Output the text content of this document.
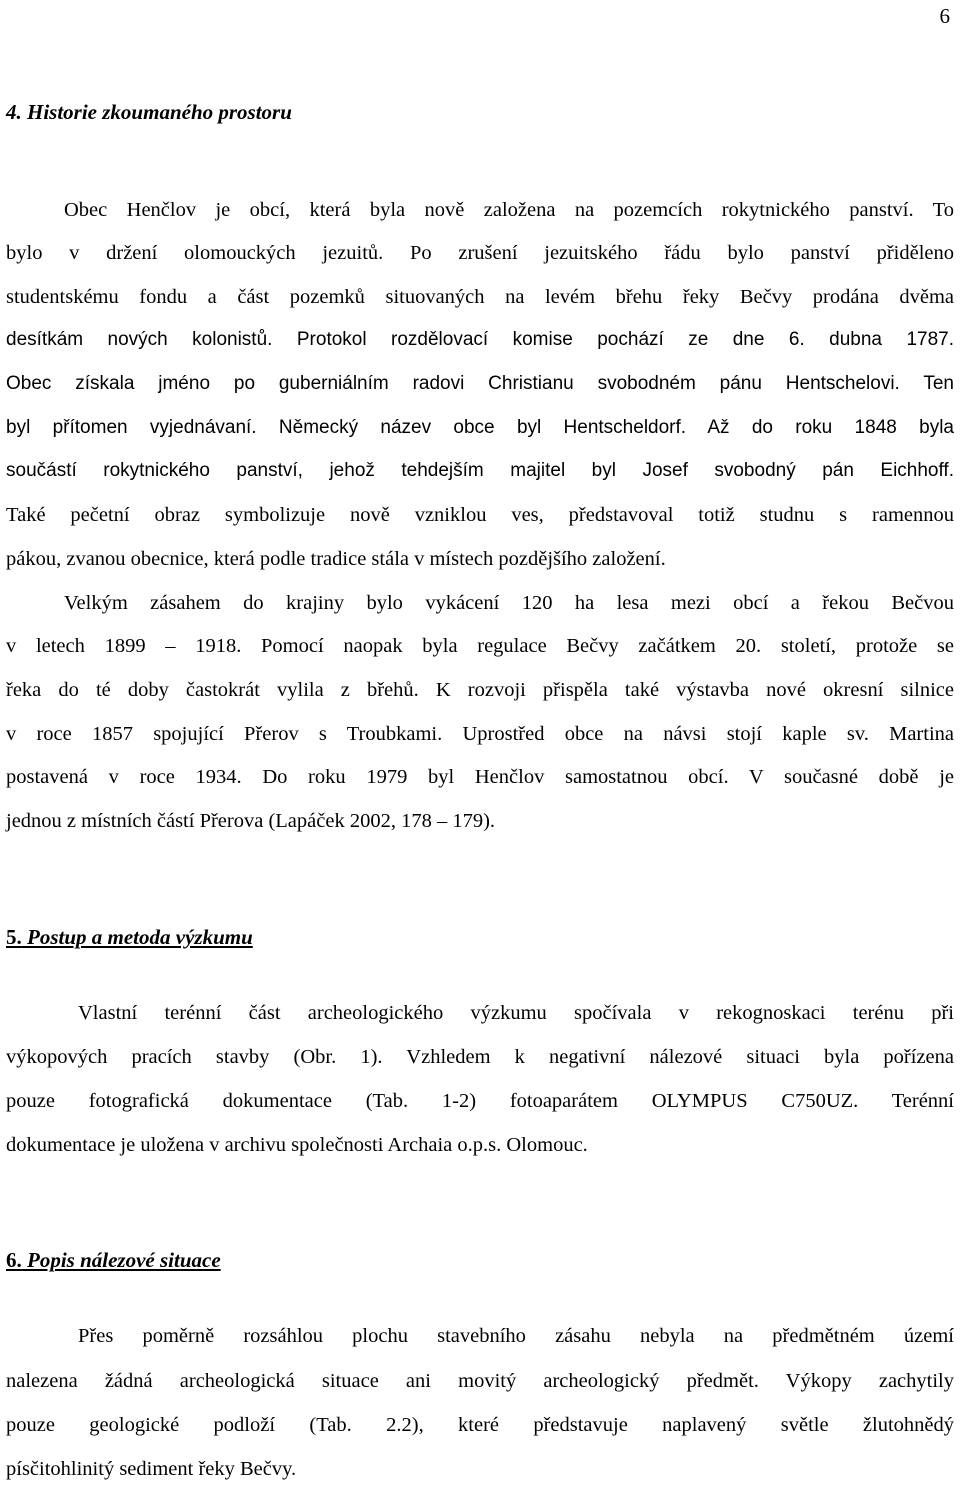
6
4. Historie zkoumaného prostoru
Obec Henčlov je obcí, která byla nově založena na pozemcích rokytnického panství. To
bylo v držení olomouckých jezuitů. Po zrušení jezuitského řádu bylo panství přiděleno
studentskému fondu a část pozemků situovaných na levém břehu řeky Bečvy prodána dvěma
desítkám nových kolonistů. Protokol rozdělovací komise pochází ze dne 6. dubna 1787.
Obec získala jméno po guberniálním radovi Christianu svobodném pánu Hentschelovi. Ten
byl přítomen vyjednávaní. Německý název obce byl Hentscheldorf. Až do roku 1848 byla
součástí rokytnického panství, jehož tehdejším majitel byl Josef svobodný pán Eichhoff.
Také pečetní obraz symbolizuje nově vzniklou ves, představoval totiž studnu s ramennou
pákou, zvanou obecnice, která podle tradice stála v místech pozdějšího založení.
Velkým zásahem do krajiny bylo vykácení 120 ha lesa mezi obcí a řekou Bečvou
v letech 1899 – 1918. Pomocí naopak byla regulace Bečvy začátkem 20. století, protože se
řeka do té doby častokrát vylila z břehů. K rozvoji přispěla také výstavba nové okresní silnice
v roce 1857 spojující Přerov s Troubkami. Uprostřed obce na návsi stojí kaple sv. Martina
postavená v roce 1934. Do roku 1979 byl Henčlov samostatnou obcí. V současné době je
jednou z místních částí Přerova (Lapáček 2002, 178 – 179).
5. Postup a metoda výzkumu
Vlastní terénní část archeologického výzkumu spočívala v rekognoskaci terénu při
výkopových pracích stavby (Obr. 1). Vzhledem k negativní nálezové situaci byla pořízena
pouze fotografická dokumentace (Tab. 1-2) fotoaparátem OLYMPUS C750UZ. Terénní
dokumentace je uložena v archivu společnosti Archaia o.p.s. Olomouc.
6. Popis nálezové situace
Přes poměrně rozsáhlou plochu stavebního zásahu nebyla na předmětném území
nalezena žádná archeologická situace ani movitý archeologický předmět. Výkopy zachytily
pouze geologické podloží (Tab. 2.2), které představuje naplavený světle žlutohnědý
písčitohlinitý sediment řeky Bečvy.
